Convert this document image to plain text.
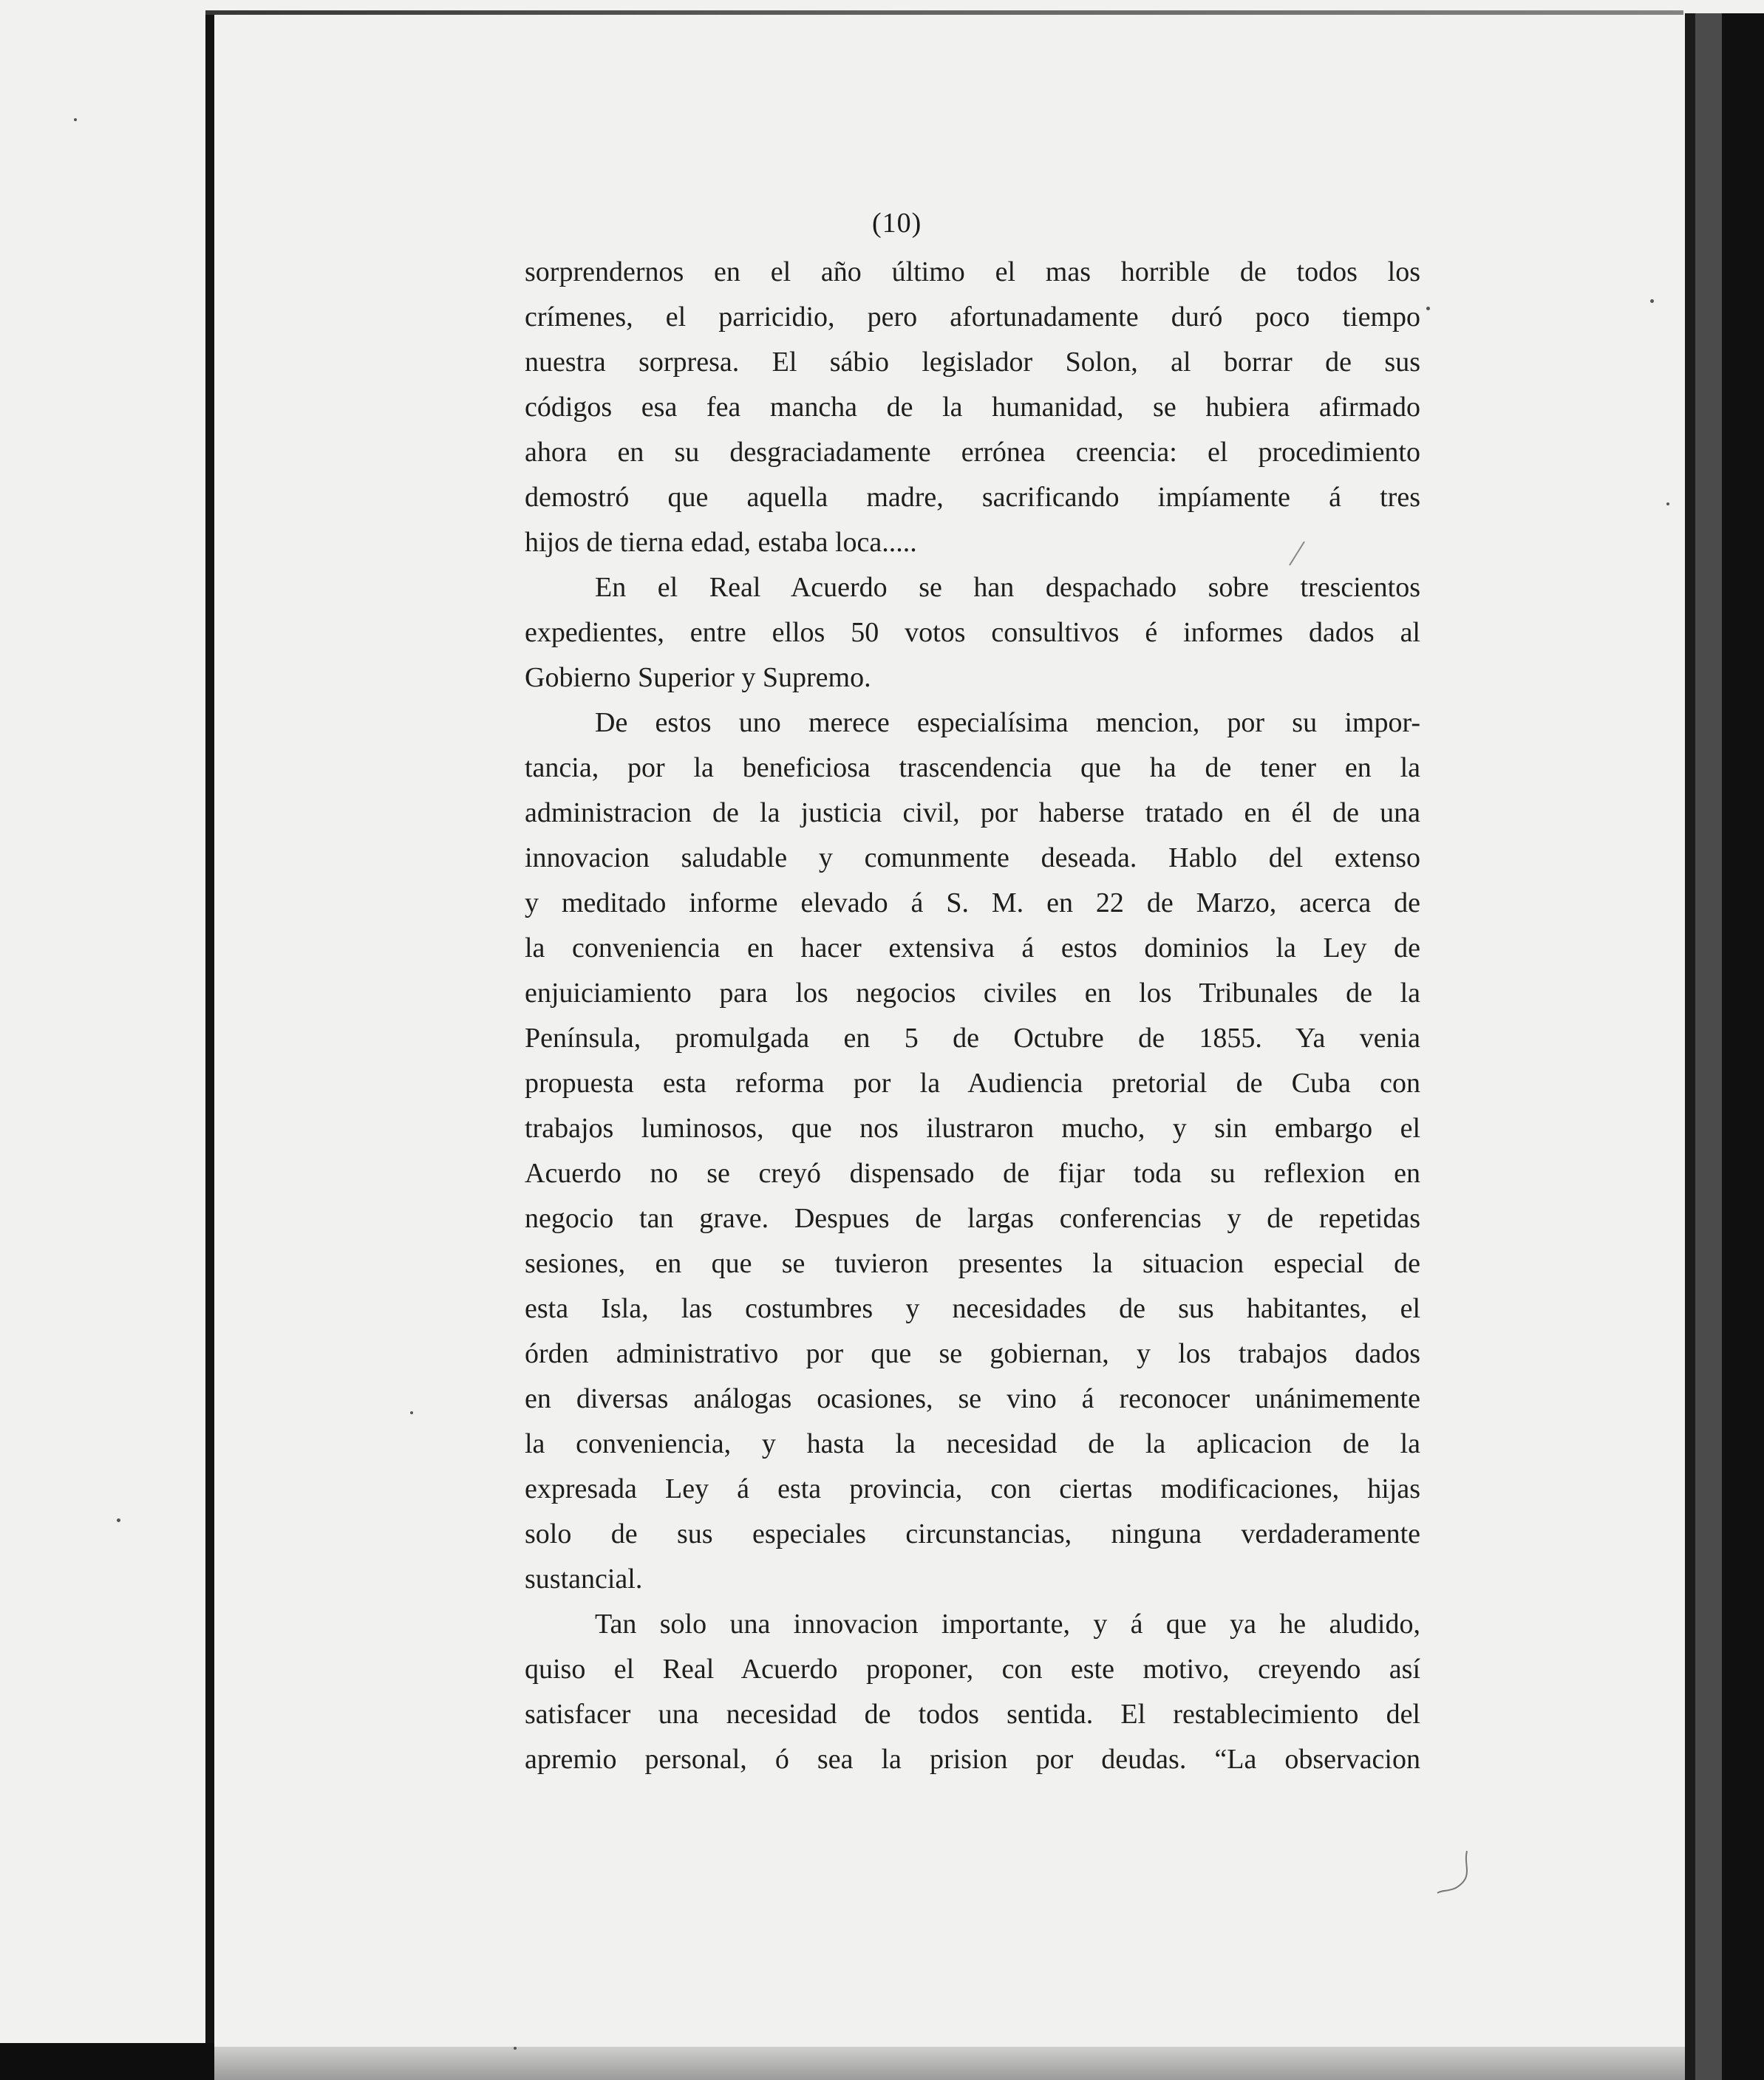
(10)
sorprendernos en el año último el mas horrible de todos los
crímenes, el parricidio, pero afortunadamente duró poco tiempo
nuestra sorpresa. El sábio legislador Solon, al borrar de sus
códigos esa fea mancha de la humanidad, se hubiera afirmado
ahora en su desgraciadamente errónea creencia: el procedimiento
demostró que aquella madre, sacrificando impíamente á tres
hijos de tierna edad, estaba loca.....
En el Real Acuerdo se han despachado sobre trescientos
expedientes, entre ellos 50 votos consultivos é informes dados al
Gobierno Superior y Supremo.
De estos uno merece especialísima mencion, por su impor-
tancia, por la beneficiosa trascendencia que ha de tener en la
administracion de la justicia civil, por haberse tratado en él de una
innovacion saludable y comunmente deseada. Hablo del extenso
y meditado informe elevado á S. M. en 22 de Marzo, acerca de
la conveniencia en hacer extensiva á estos dominios la Ley de
enjuiciamiento para los negocios civiles en los Tribunales de la
Península, promulgada en 5 de Octubre de 1855. Ya venia
propuesta esta reforma por la Audiencia pretorial de Cuba con
trabajos luminosos, que nos ilustraron mucho, y sin embargo el
Acuerdo no se creyó dispensado de fijar toda su reflexion en
negocio tan grave. Despues de largas conferencias y de repetidas
sesiones, en que se tuvieron presentes la situacion especial de
esta Isla, las costumbres y necesidades de sus habitantes, el
órden administrativo por que se gobiernan, y los trabajos dados
en diversas análogas ocasiones, se vino á reconocer unánimemente
la conveniencia, y hasta la necesidad de la aplicacion de la
expresada Ley á esta provincia, con ciertas modificaciones, hijas
solo de sus especiales circunstancias, ninguna verdaderamente
sustancial.
Tan solo una innovacion importante, y á que ya he aludido,
quiso el Real Acuerdo proponer, con este motivo, creyendo así
satisfacer una necesidad de todos sentida. El restablecimiento del
apremio personal, ó sea la prision por deudas. “La observacion
